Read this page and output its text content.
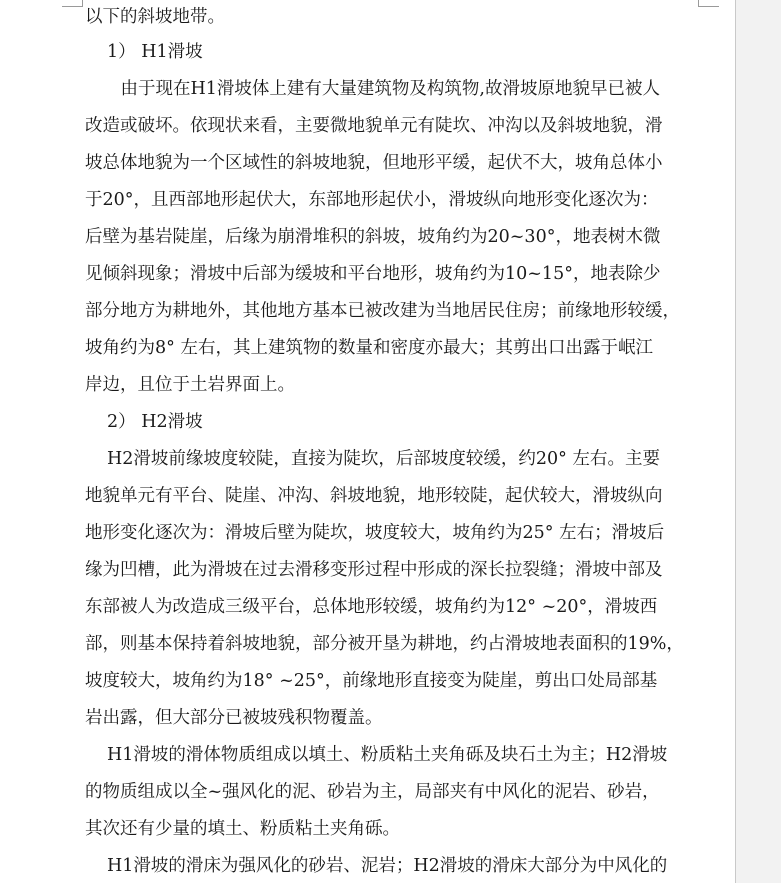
以下的斜坡地带。
1） H1滑坡
　由于现在H1滑坡体上建有大量建筑物及构筑物,故滑坡原地貌早已被人
改造或破坏。依现状来看，主要微地貌单元有陡坎、冲沟以及斜坡地貌，滑
坡总体地貌为一个区域性的斜坡地貌，但地形平缓，起伏不大，坡角总体小
于20°，且西部地形起伏大，东部地形起伏小，滑坡纵向地形变化逐次为：
后壁为基岩陡崖，后缘为崩滑堆积的斜坡，坡角约为20~30°，地表树木微
见倾斜现象；滑坡中后部为缓坡和平台地形，坡角约为10~15°，地表除少
部分地方为耕地外，其他地方基本已被改建为当地居民住房；前缘地形较缓，
坡角约为8° 左右，其上建筑物的数量和密度亦最大；其剪出口出露于岷江
岸边，且位于土岩界面上。
2） H2滑坡
H2滑坡前缘坡度较陡，直接为陡坎，后部坡度较缓，约20° 左右。主要
地貌单元有平台、陡崖、冲沟、斜坡地貌，地形较陡，起伏较大，滑坡纵向
地形变化逐次为：滑坡后壁为陡坎，坡度较大，坡角约为25° 左右；滑坡后
缘为凹槽，此为滑坡在过去滑移变形过程中形成的深长拉裂缝；滑坡中部及
东部被人为改造成三级平台，总体地形较缓，坡角约为12° ~20°，滑坡西
部，则基本保持着斜坡地貌，部分被开垦为耕地，约占滑坡地表面积的19%，
坡度较大，坡角约为18° ~25°，前缘地形直接变为陡崖，剪出口处局部基
岩出露，但大部分已被坡残积物覆盖。
H1滑坡的滑体物质组成以填土、粉质粘土夹角砾及块石土为主；H2滑坡
的物质组成以全~强风化的泥、砂岩为主，局部夹有中风化的泥岩、砂岩，
其次还有少量的填土、粉质粘土夹角砾。
H1滑坡的滑床为强风化的砂岩、泥岩；H2滑坡的滑床大部分为中风化的
